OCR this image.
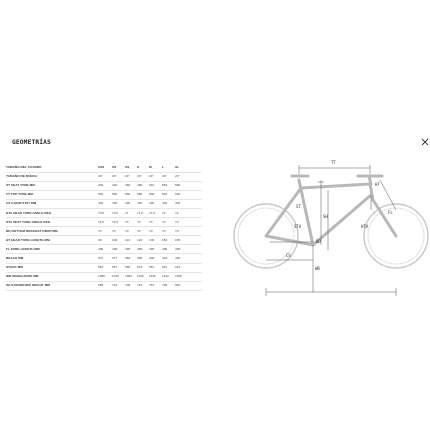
GEOMETRÍAS
TAMAÑO DEL CUADRO	XXS	XS	XS	S	M	L	XL
TAMAÑO DE RUEDA	29"	29"	29"	29"	29"	29"	29"
ST SEAT TUBE MM	400	420	460	480	510	552	580
TT TOP TUBE MM	530	550	560	580	600	620	640
CS CHAIN STAY MM	435	435	435	435	435	435	435
HTA HEAD TUBE ANGLE DEG	70.5	70.5	71	71.5	71.5	72	72
STA SEAT TUBE ANGLE DEG	72.5	72.5	73	73	73	73	73
BD BOTTOM BRACKET DROP MM	70	70	70	70	70	70	70
HT HEAD TUBE LENGTH MM	90	100	110	120	135	150	165
FL FORK LENGTH MM	495	495	495	495	495	495	495
REACH MM	372	377	383	395	406	418	430
STACK MM	553	557	565	574	587	601	615
WB WHEELBASE MM	1055	1070	1084	1100	1125	1144	1168
SH STANDOVER HEIGHT MM	695	710	728	742	767	796	820
TT
HT
SH
STA	HTA
FL
BD
CS
WB
ST
